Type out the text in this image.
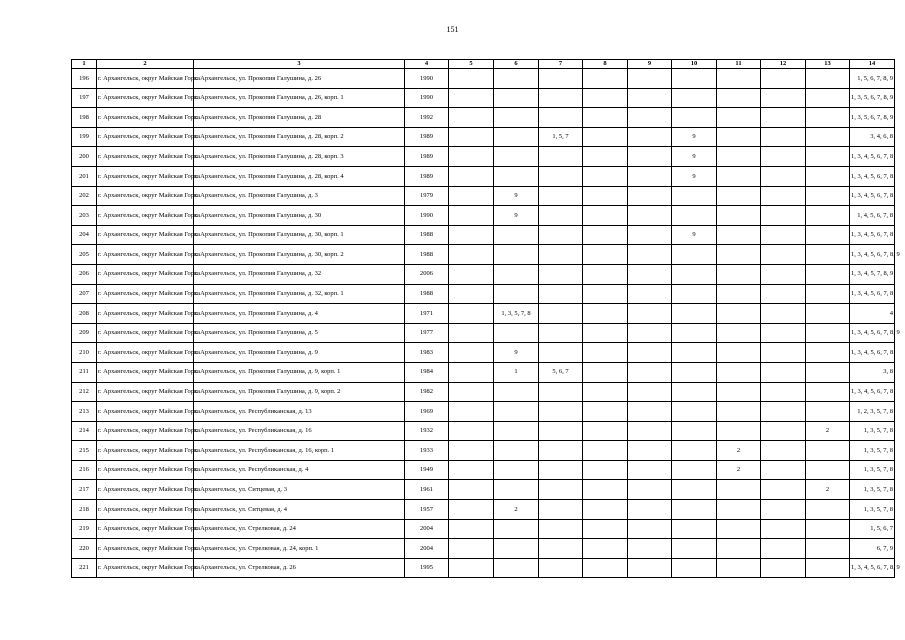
151
1	2	3	4	5	6	7	8	9	10	11	12	13	14
196	г. Архангельск, округ Майская Горка	г. Архангельск, ул. Прокопия Галушина, д. 26	1990										1, 5, 6, 7, 8, 9
197	г. Архангельск, округ Майская Горка	г. Архангельск, ул. Прокопия Галушина, д. 26, корп. 1	1990										1, 3, 5, 6, 7, 8, 9
198	г. Архангельск, округ Майская Горка	г. Архангельск, ул. Прокопия Галушина, д. 28	1992										1, 3, 5, 6, 7, 8, 9
199	г. Архангельск, округ Майская Горка	г. Архангельск, ул. Прокопия Галушина, д. 28, корп. 2	1989			1, 5, 7			9				3, 4, 6, 8
200	г. Архангельск, округ Майская Горка	г. Архангельск, ул. Прокопия Галушина, д. 28, корп. 3	1989						9				1, 3, 4, 5, 6, 7, 8
201	г. Архангельск, округ Майская Горка	г. Архангельск, ул. Прокопия Галушина, д. 28, корп. 4	1989						9				1, 3, 4, 5, 6, 7, 8
202	г. Архангельск, округ Майская Горка	г. Архангельск, ул. Прокопия Галушина, д. 3	1979		9								1, 3, 4, 5, 6, 7, 8
203	г. Архангельск, округ Майская Горка	г. Архангельск, ул. Прокопия Галушина, д. 30	1990		9								1, 4, 5, 6, 7, 8
204	г. Архангельск, округ Майская Горка	г. Архангельск, ул. Прокопия Галушина, д. 30, корп. 1	1988						9				1, 3, 4, 5, 6, 7, 8
205	г. Архангельск, округ Майская Горка	г. Архангельск, ул. Прокопия Галушина, д. 30, корп. 2	1988										1, 3, 4, 5, 6, 7, 8, 9
206	г. Архангельск, округ Майская Горка	г. Архангельск, ул. Прокопия Галушина, д. 32	2006										1, 3, 4, 5, 7, 8, 9
207	г. Архангельск, округ Майская Горка	г. Архангельск, ул. Прокопия Галушина, д. 32, корп. 1	1988										1, 3, 4, 5, 6, 7, 8
208	г. Архангельск, округ Майская Горка	г. Архангельск, ул. Прокопия Галушина, д. 4	1971		1, 3, 5, 7, 8								4
209	г. Архангельск, округ Майская Горка	г. Архангельск, ул. Прокопия Галушина, д. 5	1977										1, 3, 4, 5, 6, 7, 8, 9
210	г. Архангельск, округ Майская Горка	г. Архангельск, ул. Прокопия Галушина, д. 9	1983		9								1, 3, 4, 5, 6, 7, 8
211	г. Архангельск, округ Майская Горка	г. Архангельск, ул. Прокопия Галушина, д. 9, корп. 1	1984		1	5, 6, 7							3, 8
212	г. Архангельск, округ Майская Горка	г. Архангельск, ул. Прокопия Галушина, д. 9, корп. 2	1982										1, 3, 4, 5, 6, 7, 8
213	г. Архангельск, округ Майская Горка	г. Архангельск, ул. Республиканская, д. 13	1969										1, 2, 3, 5, 7, 8
214	г. Архангельск, округ Майская Горка	г. Архангельск, ул. Республиканская, д. 16	1932									2	1, 3, 5, 7, 8
215	г. Архангельск, округ Майская Горка	г. Архангельск, ул. Республиканская, д. 16, корп. 1	1933							2			1, 3, 5, 7, 8
216	г. Архангельск, округ Майская Горка	г. Архангельск, ул. Республиканская, д. 4	1949							2			1, 3, 5, 7, 8
217	г. Архангельск, округ Майская Горка	г. Архангельск, ул. Ситцевая, д. 3	1961									2	1, 3, 5, 7, 8
218	г. Архангельск, округ Майская Горка	г. Архангельск, ул. Ситцевая, д. 4	1957		2								1, 3, 5, 7, 8
219	г. Архангельск, округ Майская Горка	г. Архангельск, ул. Стрелковая, д. 24	2004										1, 5, 6, 7
220	г. Архангельск, округ Майская Горка	г. Архангельск, ул. Стрелковая, д. 24, корп. 1	2004										6, 7, 9
221	г. Архангельск, округ Майская Горка	г. Архангельск, ул. Стрелковая, д. 26	1995										1, 3, 4, 5, 6, 7, 8, 9
